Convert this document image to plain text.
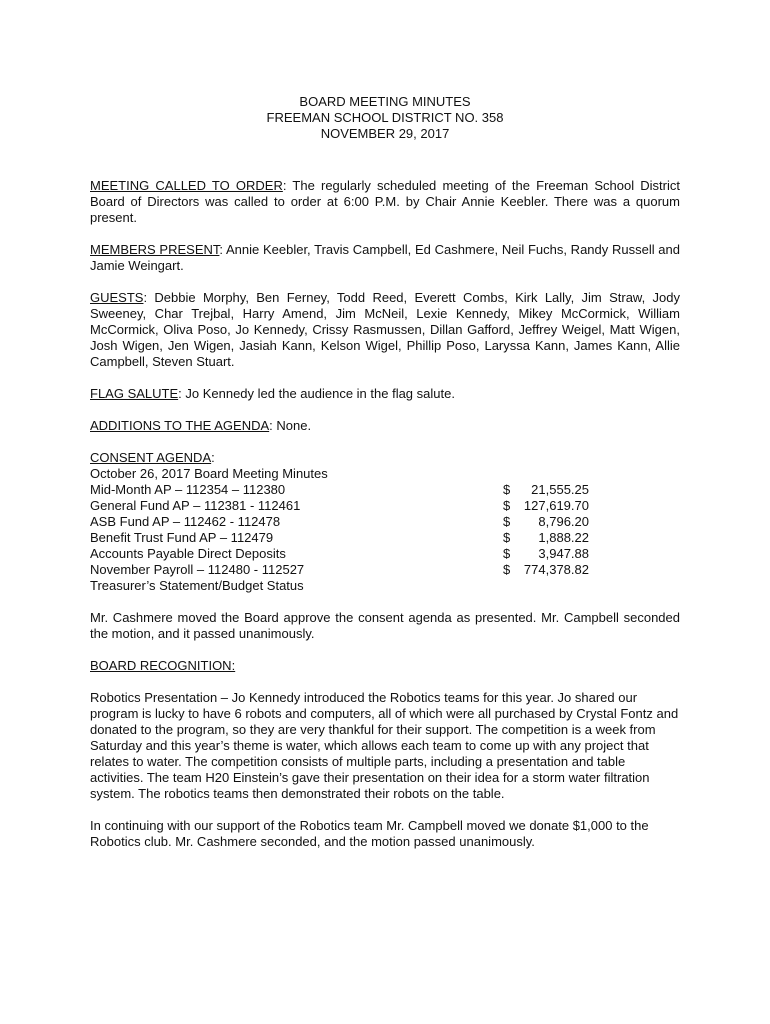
BOARD MEETING MINUTES
FREEMAN SCHOOL DISTRICT NO. 358
NOVEMBER 29, 2017

MEETING CALLED TO ORDER: The regularly scheduled meeting of the Freeman School District Board of Directors was called to order at 6:00 P.M. by Chair Annie Keebler. There was a quorum present.

MEMBERS PRESENT: Annie Keebler, Travis Campbell, Ed Cashmere, Neil Fuchs, Randy Russell and Jamie Weingart.

GUESTS: Debbie Morphy, Ben Ferney, Todd Reed, Everett Combs, Kirk Lally, Jim Straw, Jody Sweeney, Char Trejbal, Harry Amend, Jim McNeil, Lexie Kennedy, Mikey McCormick, William McCormick, Oliva Poso, Jo Kennedy, Crissy Rasmussen, Dillan Gafford, Jeffrey Weigel, Matt Wigen, Josh Wigen, Jen Wigen, Jasiah Kann, Kelson Wigel, Phillip Poso, Laryssa Kann, James Kann, Allie Campbell, Steven Stuart.

FLAG SALUTE: Jo Kennedy led the audience in the flag salute.

ADDITIONS TO THE AGENDA: None.

CONSENT AGENDA :
October 26, 2017 Board Meeting Minutes
Mid-Month AP – 112354 – 112380	$	21,555.25
General Fund AP – 112381 - 112461	$	127,619.70
ASB Fund AP – 112462 - 112478	$	8,796.20
Benefit Trust Fund AP – 112479	$	1,888.22
Accounts Payable Direct Deposits	$	3,947.88
November Payroll – 112480 - 112527	$	774,378.82
Treasurer’s Statement/Budget Status

Mr. Cashmere moved the Board approve the consent agenda as presented. Mr. Campbell seconded the motion, and it passed unanimously.

BOARD RECOGNITION:

Robotics Presentation – Jo Kennedy introduced the Robotics teams for this year. Jo shared our program is lucky to have 6 robots and computers, all of which were all purchased by Crystal Fontz and donated to the program, so they are very thankful for their support. The competition is a week from Saturday and this year’s theme is water, which allows each team to come up with any project that relates to water. The competition consists of multiple parts, including a presentation and table activities. The team H20 Einstein’s gave their presentation on their idea for a storm water filtration system. The robotics teams then demonstrated their robots on the table.

In continuing with our support of the Robotics team Mr. Campbell moved we donate $1,000 to the Robotics club. Mr. Cashmere seconded, and the motion passed unanimously.
